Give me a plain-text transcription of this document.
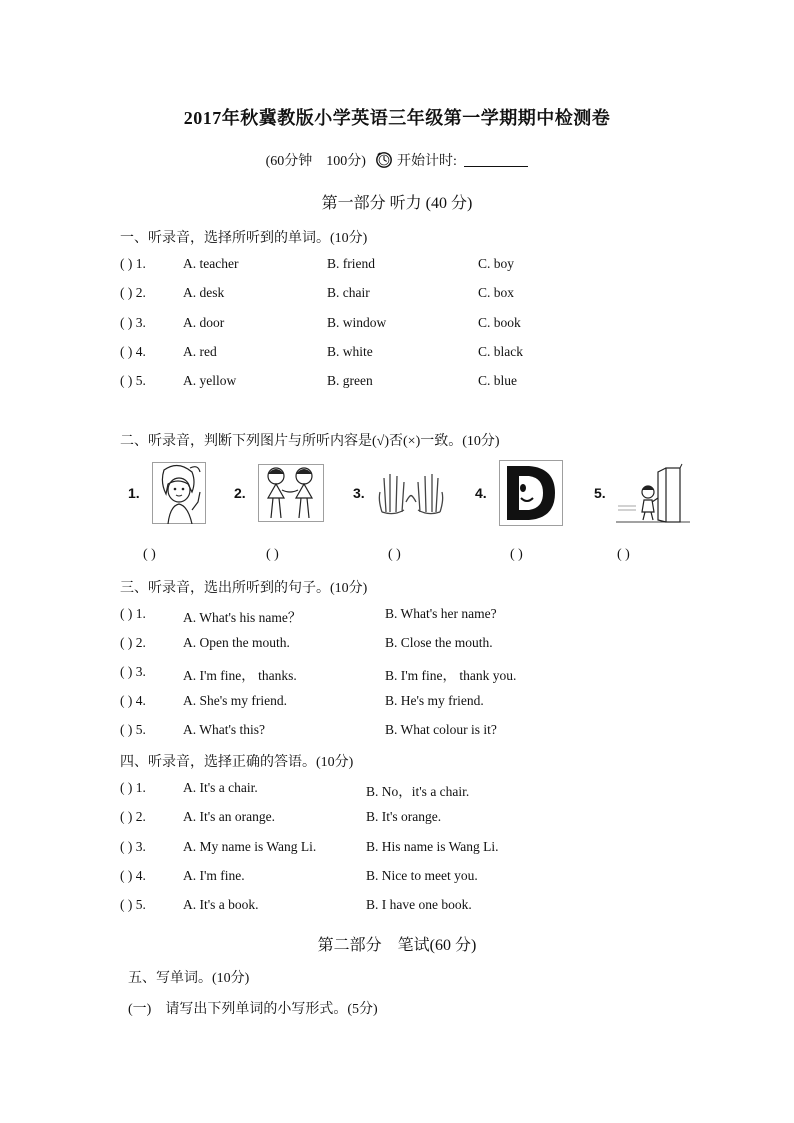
2017年秋冀教版小学英语三年级第一学期期中检测卷
(60分钟　100分) 开始计时:
第一部分 听力 (40 分)
一、听录音，选择所听到的单词。(10分)
( ) 1.	A. teacher	B. friend	C. boy
( ) 2.	A. desk	B. chair	C. box
( ) 3.	A. door	B. window	C. book
( ) 4.	A. red	B. white	C. black
( ) 5.	A. yellow	B. green	C. blue
二、听录音，判断下列图片与所听内容是(√)否(×)一致。(10分)
1.
( )
2.
( )
3.
( )
4.
( )
5.
( )
三、听录音，选出所听到的句子。(10分)
( ) 1.	A. What's his name？	B. What's her name?
( ) 2.	A. Open the mouth.	B. Close the mouth.
( ) 3.	A. I'm fine， thanks.	B. I'm fine， thank you.
( ) 4.	A. She's my friend.	B. He's my friend.
( ) 5.	A. What's this?	B. What colour is it?
四、听录音，选择正确的答语。(10分)
( ) 1.	A. It's a chair.	B. No，it's a chair.
( ) 2.	A. It's an orange.	B. It's orange.
( ) 3.	A. My name is Wang Li.	B. His name is Wang Li.
( ) 4.	A. I'm fine.	B. Nice to meet you.
( ) 5.	A. It's a book.	B. I have one book.
第二部分　笔试(60 分)
五、写单词。(10分)
(一)　请写出下列单词的小写形式。(5分)
